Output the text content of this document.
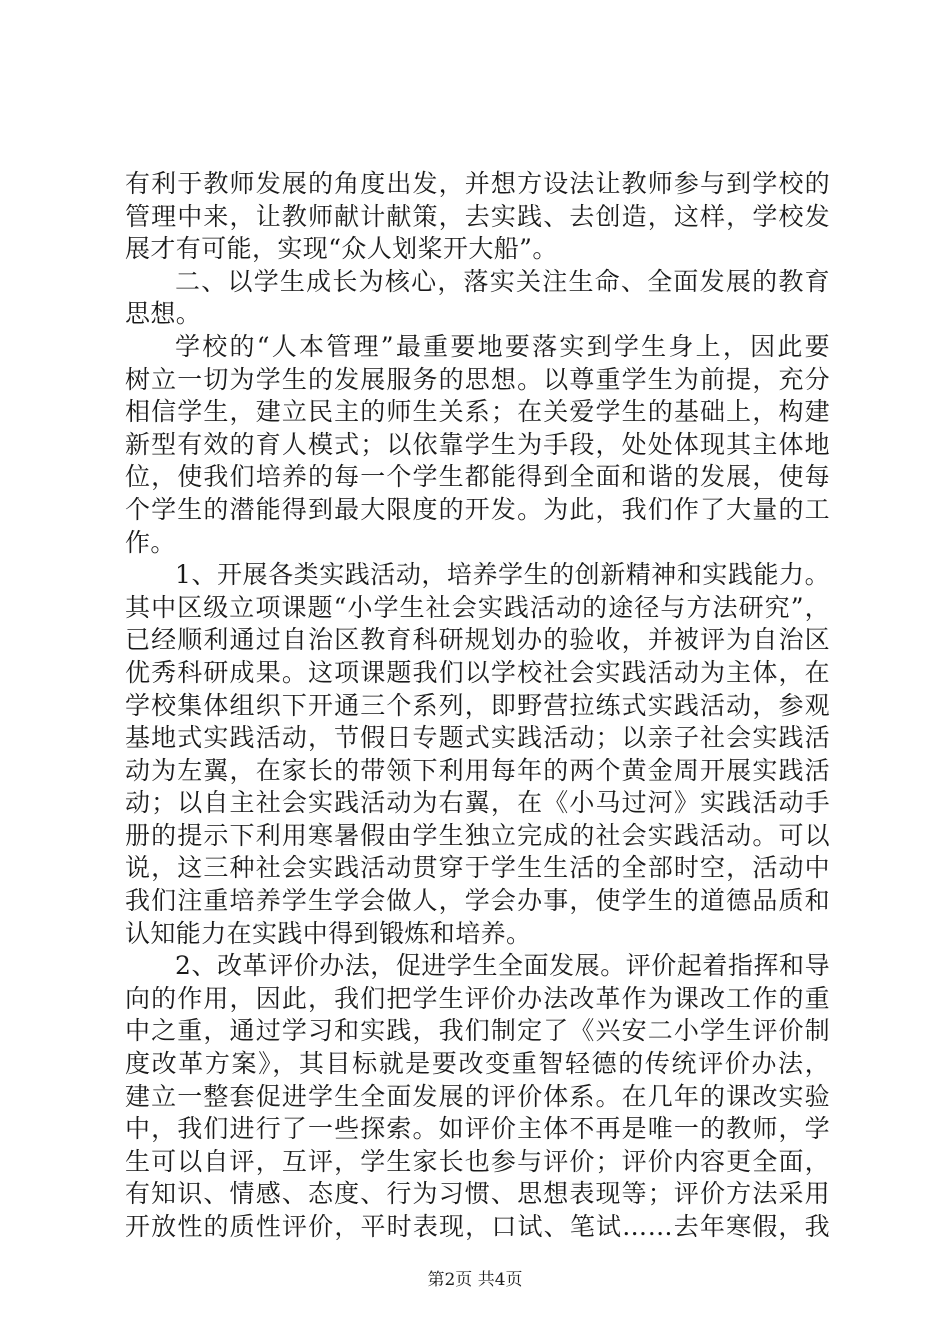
有利于教师发展的角度出发，并想方设法让教师参与到学校的
管理中来，让教师献计献策，去实践、去创造，这样，学校发
展才有可能，实现“众人划桨开大船”。
二、以学生成长为核心，落实关注生命、全面发展的教育
思想。
学校的“人本管理”最重要地要落实到学生身上，因此要
树立一切为学生的发展服务的思想。以尊重学生为前提，充分
相信学生，建立民主的师生关系；在关爱学生的基础上，构建
新型有效的育人模式；以依靠学生为手段，处处体现其主体地
位，使我们培养的每一个学生都能得到全面和谐的发展，使每
个学生的潜能得到最大限度的开发。为此，我们作了大量的工
作。
1、开展各类实践活动，培养学生的创新精神和实践能力。
其中区级立项课题“小学生社会实践活动的途径与方法研究”，
已经顺利通过自治区教育科研规划办的验收，并被评为自治区
优秀科研成果。这项课题我们以学校社会实践活动为主体，在
学校集体组织下开通三个系列，即野营拉练式实践活动，参观
基地式实践活动，节假日专题式实践活动；以亲子社会实践活
动为左翼，在家长的带领下利用每年的两个黄金周开展实践活
动；以自主社会实践活动为右翼，在《小马过河》实践活动手
册的提示下利用寒暑假由学生独立完成的社会实践活动。可以
说，这三种社会实践活动贯穿于学生生活的全部时空，活动中
我们注重培养学生学会做人，学会办事，使学生的道德品质和
认知能力在实践中得到锻炼和培养。
2、改革评价办法，促进学生全面发展。评价起着指挥和导
向的作用，因此，我们把学生评价办法改革作为课改工作的重
中之重，通过学习和实践，我们制定了《兴安二小学生评价制
度改革方案》，其目标就是要改变重智轻德的传统评价办法，
建立一整套促进学生全面发展的评价体系。在几年的课改实验
中，我们进行了一些探索。如评价主体不再是唯一的教师，学
生可以自评，互评，学生家长也参与评价；评价内容更全面，
有知识、情感、态度、行为习惯、思想表现等；评价方法采用
开放性的质性评价，平时表现，口试、笔试……去年寒假，我
第2页 共4页
